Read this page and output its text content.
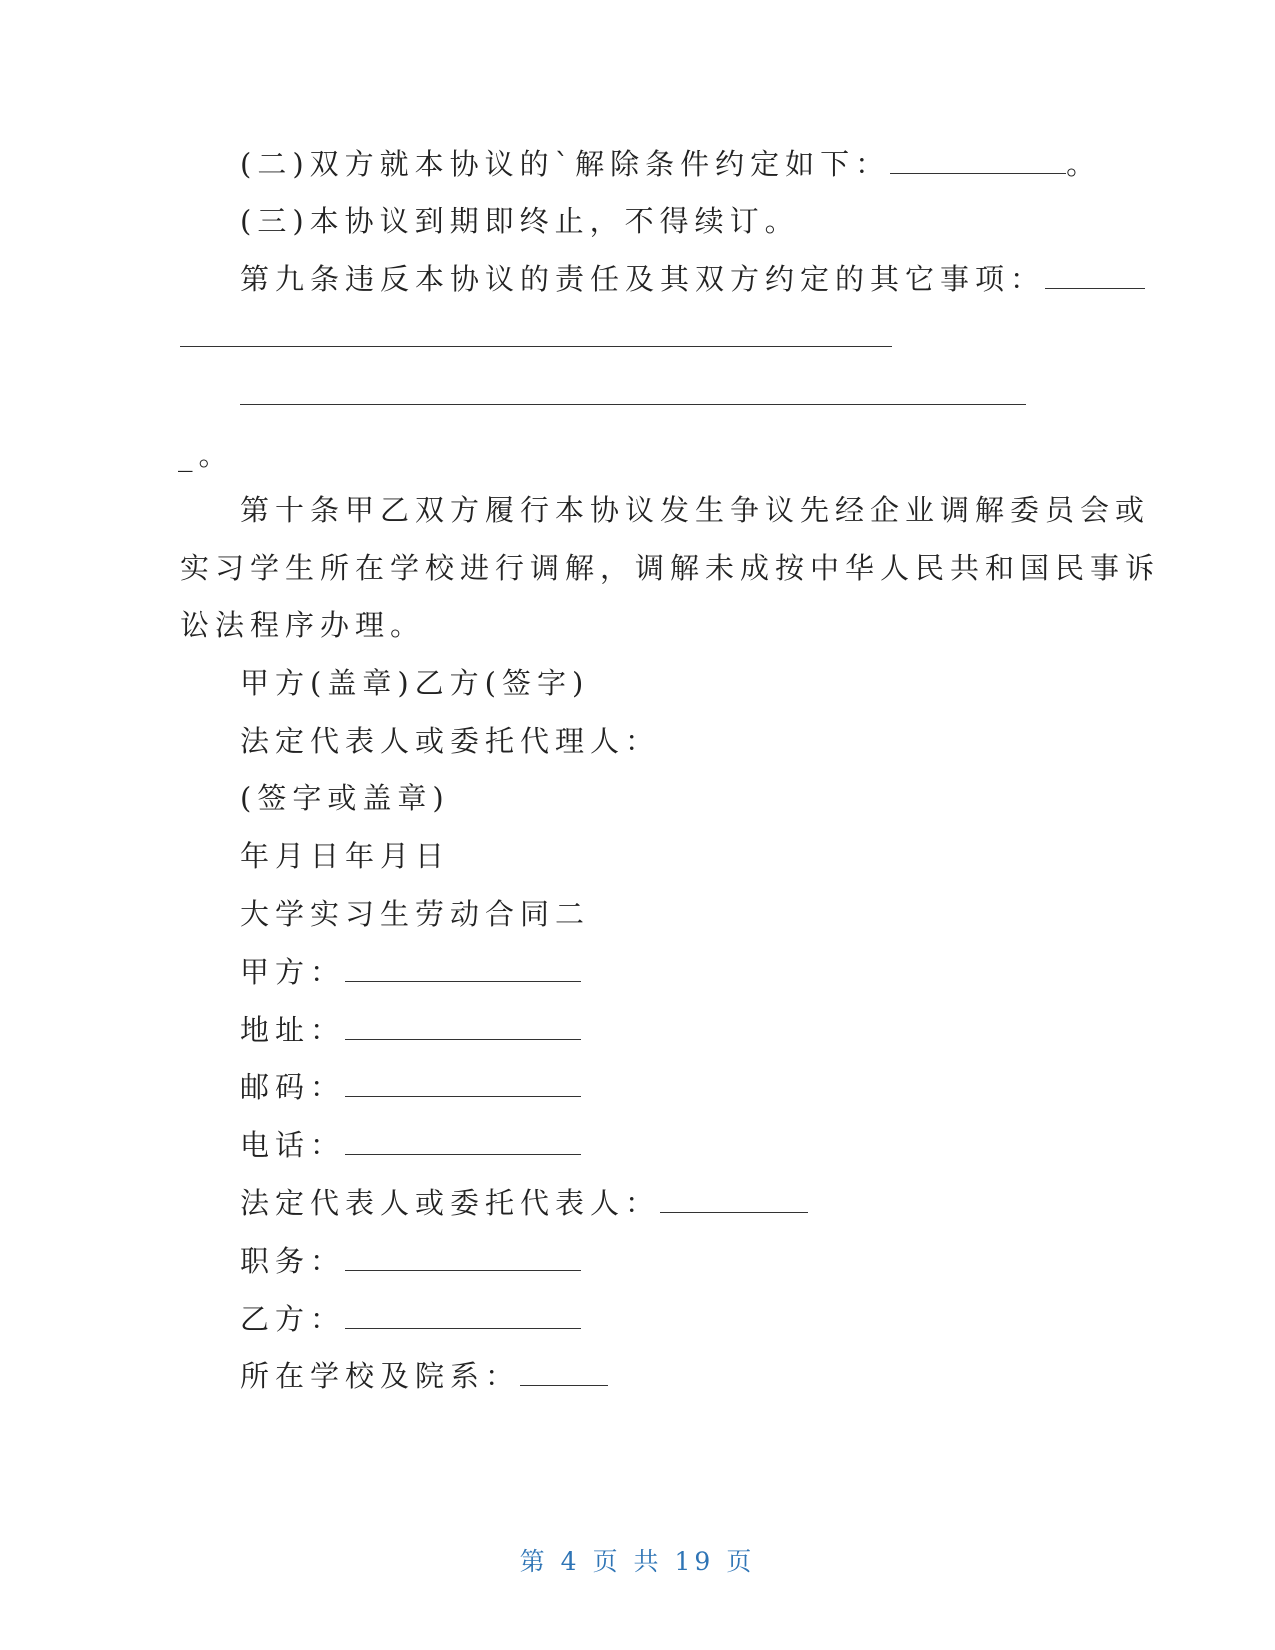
(二)双方就本协议的`解除条件约定如下：	。
(三)本协议到期即终止，不得续订。
第九条违反本协议的责任及其双方约定的其它事项：
_。
第十条甲乙双方履行本协议发生争议先经企业调解委员会或
实习学生所在学校进行调解，调解未成按中华人民共和国民事诉
讼法程序办理。
甲方(盖章)乙方(签字)
法定代表人或委托代理人：
(签字或盖章)
年月日年月日
大学实习生劳动合同二
甲方：
地址：
邮码：
电话：
法定代表人或委托代表人：
职务：
乙方：
所在学校及院系：
第 4 页 共 19 页
